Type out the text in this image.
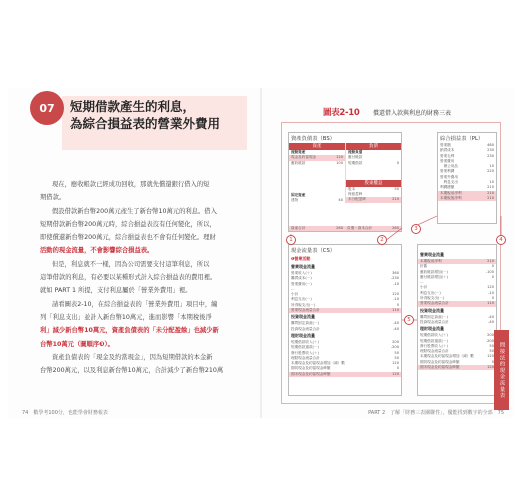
07	短期借款產生的利息，
為綜合損益表的營業外費用

現在，應收帳款已經成功回收，那就先償還銀行借入的短

期借款。

假設借款新台幣200萬元產生了新台幣10萬元的利息。借入

短期借款新台幣200萬元時，綜合損益表沒有任何變化，所以，

即使償還新台幣200萬元，綜合損益表也不會有任何變化。理財

活動的現金流量，不會影響綜合損益表。

但是，利息就不一樣，因為公司需要支付這筆利息，所以

這筆借款的利息，有必要以某種形式計入綜合損益表的費用裡。

就如 PART 1 所提，支付利息屬於「營業外費用」裡。

請看圖表2-10，在綜合損益表的「營業外費用」項目中，編

列「利息支出」並計入新台幣10萬元，進而影響「本期稅後淨

利」減少新台幣10萬元，資產負債表的「未分配盈餘」也減少新

台幣10萬元（圖順序❸）。

資產負債表的「現金及約當現金」，因為短期借款的本金新

台幣200萬元，以及利息新台幣10萬元，合計減少了新台幣210萬

74　數學考100分，也能學會財務報表
圖表2-10 償還借入款與利息的財務三表
資產負債表（BS）
資產
流動資產
現金及約當現金	120
應收帳款	100
固定資產
建物	40
負債
流動負債
應付帳款
短期借款	0
股東權益
股本	50
保留盈餘
未分配盈餘	210
資產合計	260 負債・資本合計	260
綜合損益表（PL）
營業額	460
銷貨成本	230
營業毛利	230
營業費用
　辦公用品	10
營業利潤	220
營業外費用
　利息支出	10
利潤總額	210
本期稅前淨利	210
本期稅後淨利	210
現金流量表（CS）
❶營業活動
營業現金流量
營業收入(＋)	360
購貨成本(－)	-230
營業費用(－)	-10
…
小計	120
利息支出(－)	-10
所得稅支出(－)	0
營業現金流量合計	110
投資現金流量
購買固定資產(－)	-40
投資現金流量合計	-40
理財現金流量
短期借款收入(＋)	200
短期借款還款(－)	-200
發行股票收入(＋)	50
理財現金流量合計	50
本期現金及約當現金增加（減）數	120
期初現金及約當現金餘額	0
期末現金及約當現金餘額	120
營業現金流量
本期稅前淨利	210
折舊	0
應收帳款增加(－)	-100
應付帳款增加(＋)	0
…
小計	120
利息支出(－)	-10
所得稅支出(－)	0
營業現金流量合計	110
投資現金流量
購買固定資產(－)	-40
投資現金流量合計	-40
理財現金流量
短期借款收入(＋)	200
短期借款還款(－)	-200
發行股票收入(＋)	50
理財現金流量合計	50
本期現金及約當現金增加（減）數	120
期初現金及約當現金餘額	0
期末現金及約當現金餘額	120 間接法的現金流量表
1	2
3
4
5
PART 2　了解「財務三表關聯性」，優能找到數字的全部　75
